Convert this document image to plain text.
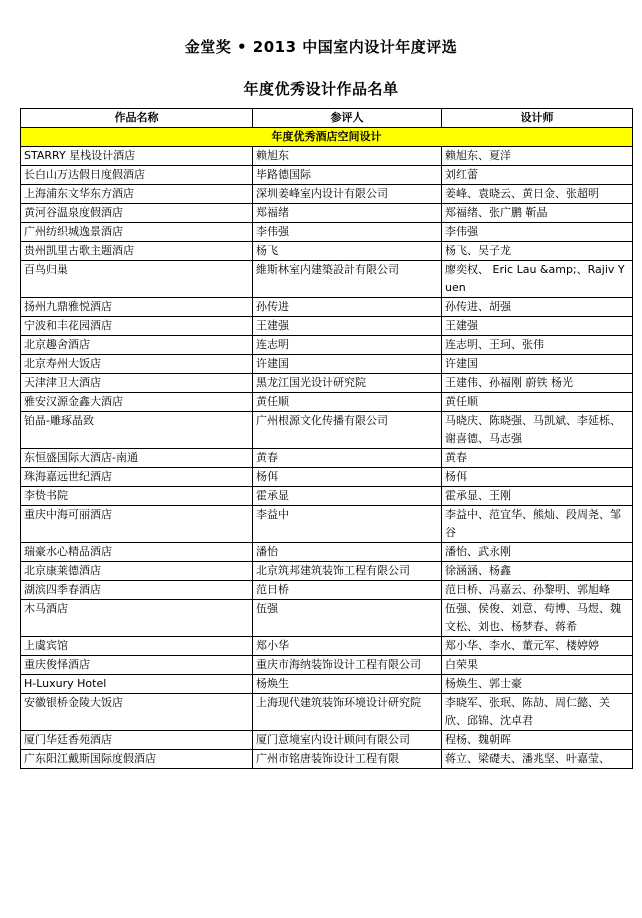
金堂奖 • 2013 中国室内设计年度评选
年度优秀设计作品名单
作品名称	参评人	设计师
年度优秀酒店空间设计		
STARRY 星栈设计酒店	赖旭东	赖旭东、夏洋
长白山万达假日度假酒店	毕路德国际	刘红蕾
上海浦东文华东方酒店	深圳姜峰室内设计有限公司	姜峰、袁晓云、黄日金、张超明
黄河谷温泉度假酒店	郑福绪	郑福绪、张广鹏 靳晶
广州纺织城逸景酒店	李伟强	李伟强
贵州凯里古歌主题酒店	杨飞	杨飞、吴子龙
百鸟归巢	維斯林室内建築設計有限公司	廖奕权、 Eric Lau &amp;、Rajiv Yuen
扬州九鼎雅悦酒店	孙传进	孙传进、胡强
宁波和丰花园酒店	王建强	王建强
北京趣舍酒店	连志明	连志明、王珂、张伟
北京寿州大饭店	许建国	许建国
天津津卫大酒店	黑龙江国光设计研究院	王建伟、孙福刚 蔚铁 杨光
雅安汉源金鑫大酒店	黄任顺	黄任顺
铂晶-雕琢晶致	广州根源文化传播有限公司	马晓庆、陈晓强、马凯斌、李延栎、谢喜德、马志强
东恒盛国际大酒店-南通	黄春	黄春
珠海嘉远世纪酒店	杨佴	杨佴
李贽书院	霍承显	霍承显、王刚
重庆中海可丽酒店	李益中	李益中、范宜华、熊灿、段周尧、邹谷
瑞豪水心精品酒店	潘怡	潘怡、武永刚
北京康莱德酒店	北京筑邦建筑装饰工程有限公司	徐涵涵、杨鑫
湖滨四季春酒店	范日桥	范日桥、冯嘉云、孙黎明、郭旭峰
木马酒店	伍强	伍强、侯俊、刘意、苟博、马煜、魏文松、刘也、杨梦春、蒋希
上虞宾馆	郑小华	郑小华、李水、董元军、楼婷婷
重庆俊怿酒店	重庆市海纳装饰设计工程有限公司	白荣果
H-Luxury Hotel	杨焕生	杨焕生、郭士豪
安徽银桥金陵大饭店	上海现代建筑装饰环境设计研究院	李晓军、张珉、陈劼、周仁懿、关欣、邱锦、沈卓君
厦门华廷香苑酒店	厦门意境室内设计顾问有限公司	程杨、魏朝晖
广东阳江戴斯国际度假酒店	广州市铭唐装饰设计工程有限	蒋立、梁礎夫、潘兆坚、叶嘉莹、
